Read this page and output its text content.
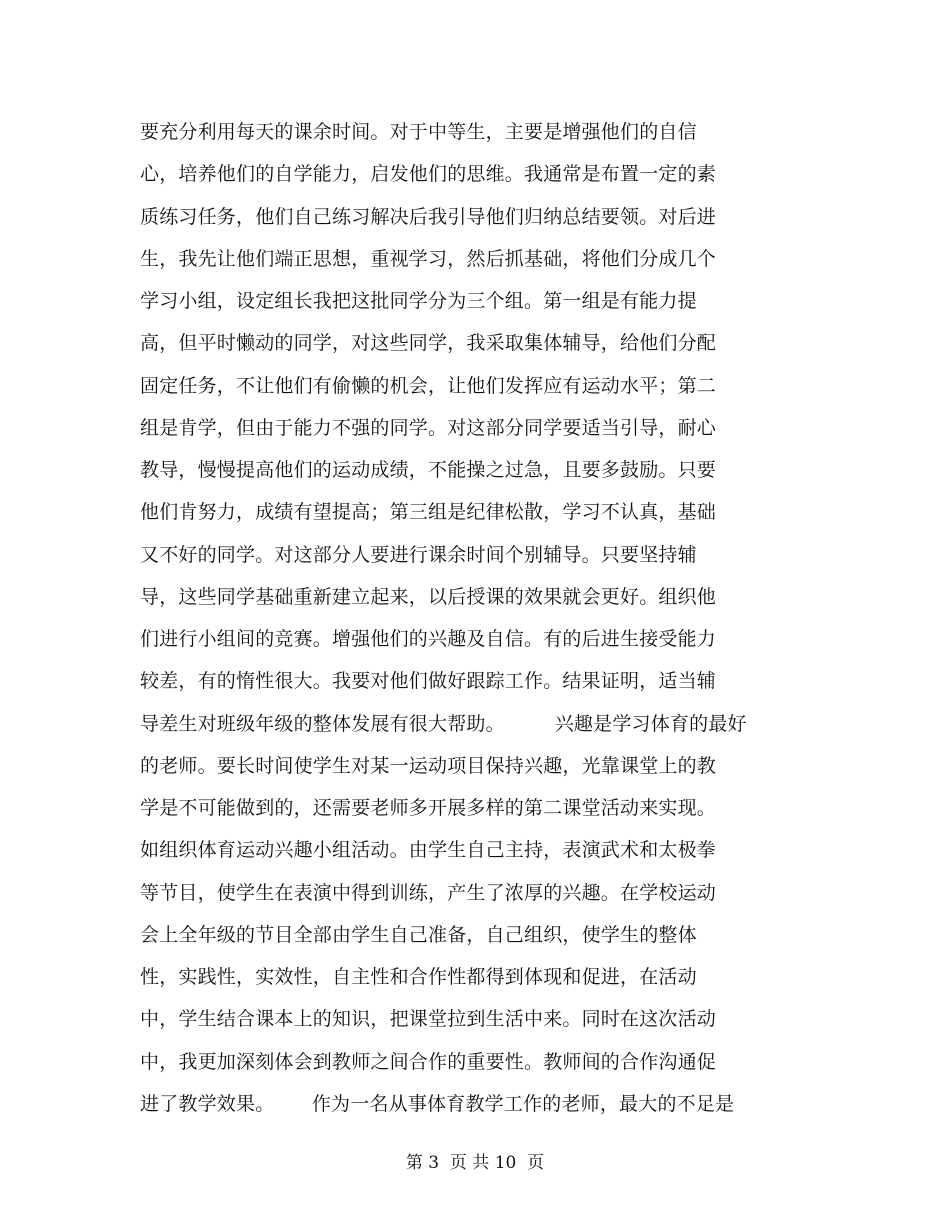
要充分利用每天的课余时间。对于中等生，主要是增强他们的自信
心，培养他们的自学能力，启发他们的思维。我通常是布置一定的素
质练习任务，他们自己练习解决后我引导他们归纳总结要领。对后进
生，我先让他们端正思想，重视学习，然后抓基础，将他们分成几个
学习小组，设定组长我把这批同学分为三个组。第一组是有能力提
高，但平时懒动的同学，对这些同学，我采取集体辅导，给他们分配
固定任务，不让他们有偷懒的机会，让他们发挥应有运动水平；第二
组是肯学，但由于能力不强的同学。对这部分同学要适当引导，耐心
教导，慢慢提高他们的运动成绩，不能操之过急，且要多鼓励。只要
他们肯努力，成绩有望提高；第三组是纪律松散，学习不认真，基础
又不好的同学。对这部分人要进行课余时间个别辅导。只要坚持辅
导，这些同学基础重新建立起来，以后授课的效果就会更好。组织他
们进行小组间的竞赛。增强他们的兴趣及自信。有的后进生接受能力
较差，有的惰性很大。我要对他们做好跟踪工作。结果证明，适当辅
导差生对班级年级的整体发展有很大帮助。        兴趣是学习体育的最好
的老师。要长时间使学生对某一运动项目保持兴趣，光靠课堂上的教
学是不可能做到的，还需要老师多开展多样的第二课堂活动来实现。
如组织体育运动兴趣小组活动。由学生自己主持，表演武术和太极拳
等节目，使学生在表演中得到训练，产生了浓厚的兴趣。在学校运动
会上全年级的节目全部由学生自己准备，自己组织，使学生的整体
性，实践性，实效性，自主性和合作性都得到体现和促进，在活动
中，学生结合课本上的知识，把课堂拉到生活中来。同时在这次活动
中，我更加深刻体会到教师之间合作的重要性。教师间的合作沟通促
进了教学效果。      作为一名从事体育教学工作的老师，最大的不足是
第 3  页 共 10  页
